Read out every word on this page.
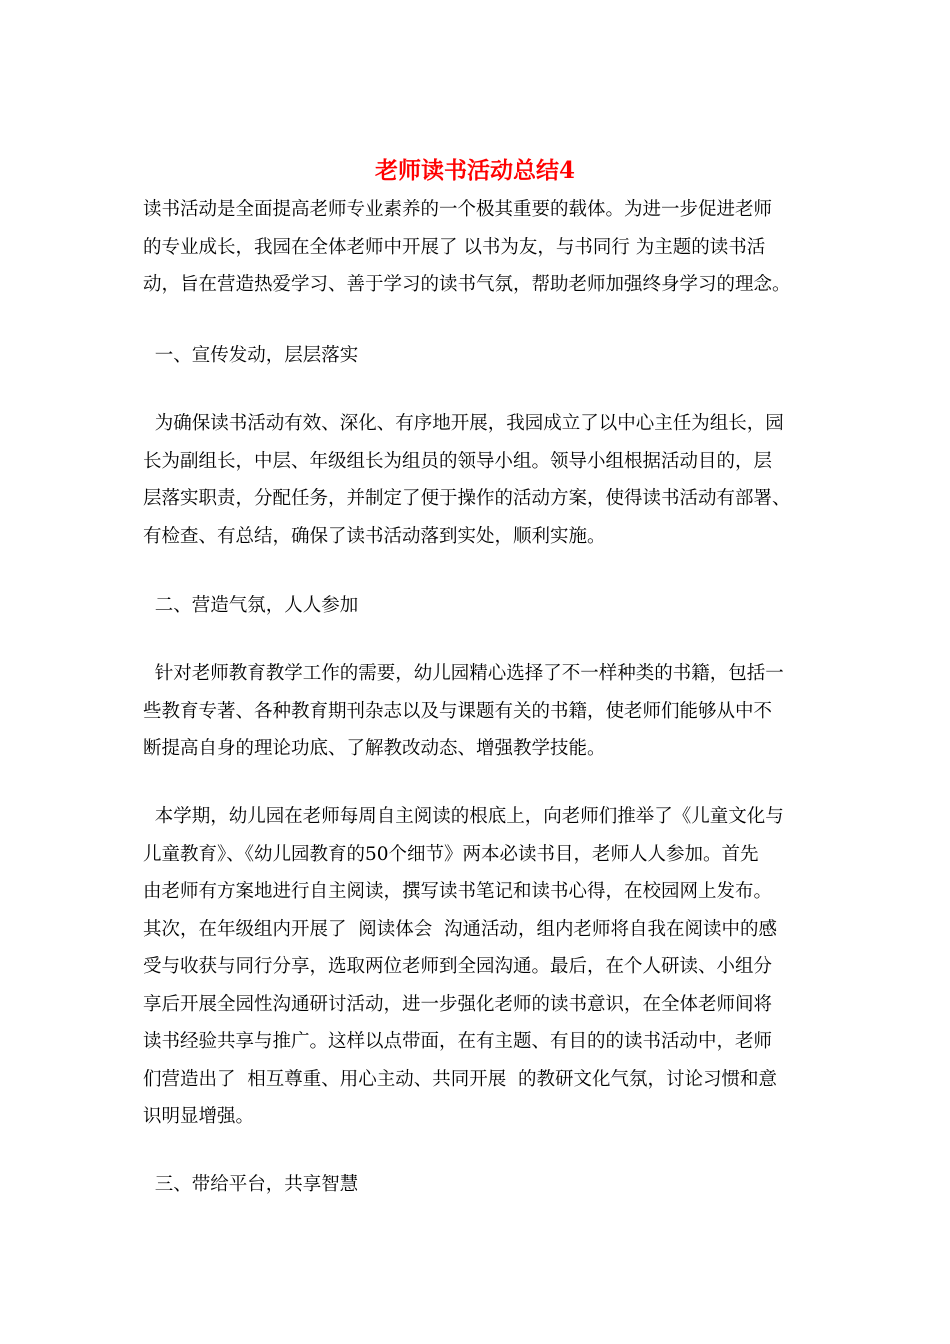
老师读书活动总结4
读书活动是全面提高老师专业素养的一个极其重要的载体。为进一步促进老师
的专业成长，我园在全体老师中开展了 以书为友，与书同行 为主题的读书活
动，旨在营造热爱学习、善于学习的读书气氛，帮助老师加强终身学习的理念。
一、宣传发动，层层落实
为确保读书活动有效、深化、有序地开展，我园成立了以中心主任为组长，园
长为副组长，中层、年级组长为组员的领导小组。领导小组根据活动目的，层
层落实职责，分配任务，并制定了便于操作的活动方案，使得读书活动有部署、
有检查、有总结，确保了读书活动落到实处，顺利实施。
二、营造气氛，人人参加
针对老师教育教学工作的需要，幼儿园精心选择了不一样种类的书籍，包括一
些教育专著、各种教育期刊杂志以及与课题有关的书籍，使老师们能够从中不
断提高自身的理论功底、了解教改动态、增强教学技能。
本学期，幼儿园在老师每周自主阅读的根底上，向老师们推举了《儿童文化与
儿童教育》、《幼儿园教育的50个细节》两本必读书目，老师人人参加。首先
由老师有方案地进行自主阅读，撰写读书笔记和读书心得，在校园网上发布。
其次，在年级组内开展了  阅读体会  沟通活动，组内老师将自我在阅读中的感
受与收获与同行分享，选取两位老师到全园沟通。最后，在个人研读、小组分
享后开展全园性沟通研讨活动，进一步强化老师的读书意识，在全体老师间将
读书经验共享与推广。这样以点带面，在有主题、有目的的读书活动中，老师
们营造出了  相互尊重、用心主动、共同开展  的教研文化气氛，讨论习惯和意
识明显增强。
三、带给平台，共享智慧
